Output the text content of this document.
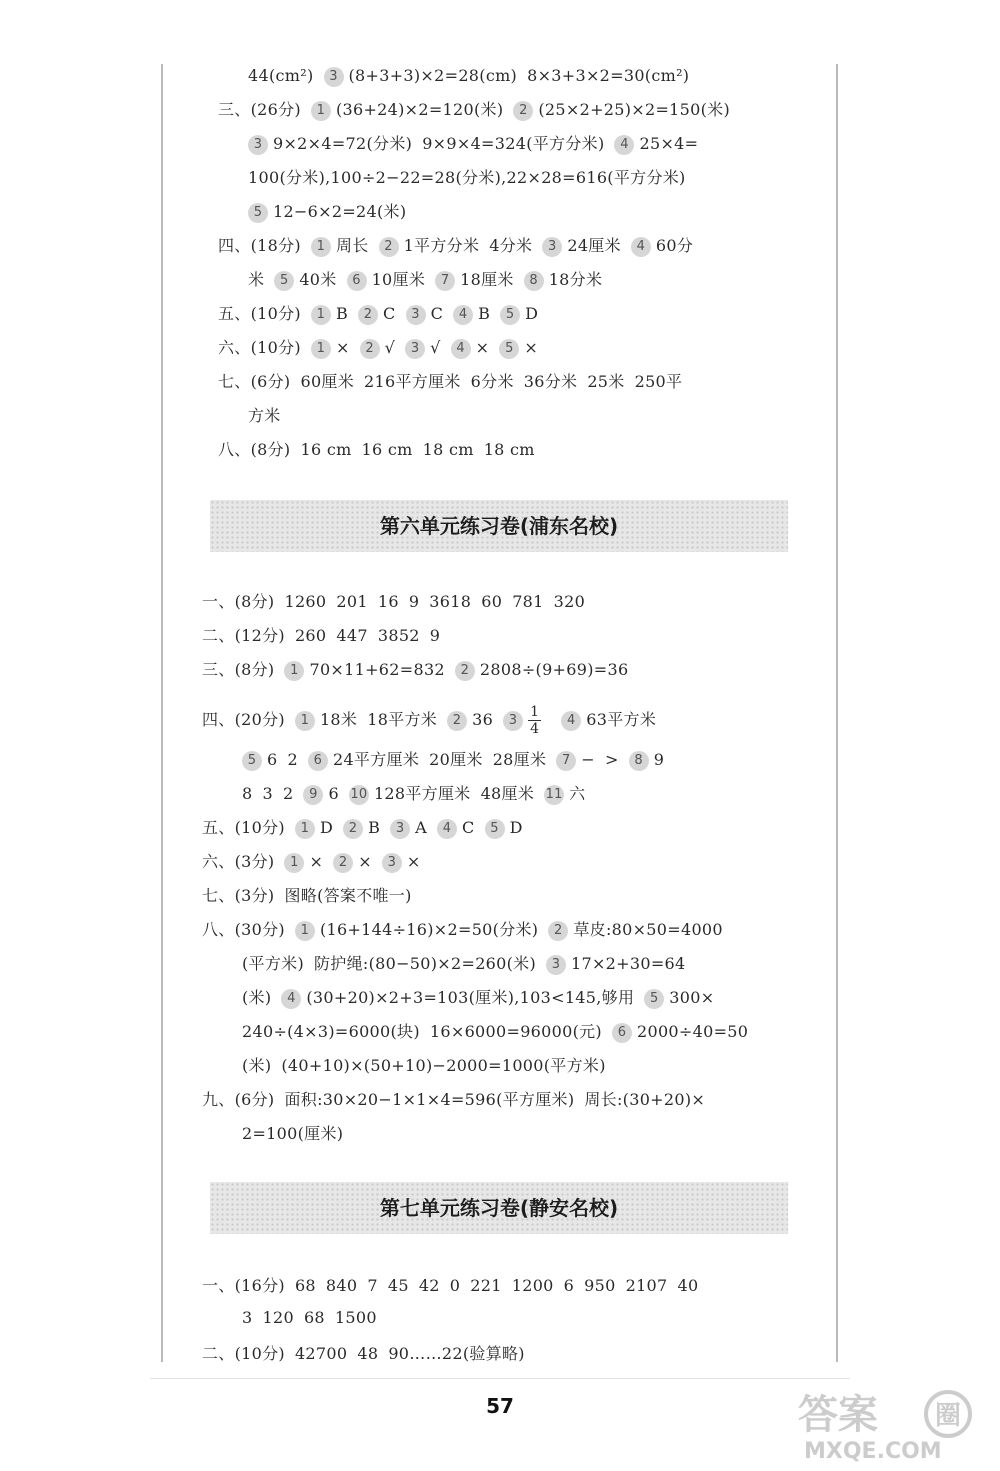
第六单元练习卷(浦东名校)
第七单元练习卷(静安名校)
44(cm²) 3 (8+3+3)×2=28(cm) 8×3+3×2=30(cm²)
三、(26分) 1 (36+24)×2=120(米) 2 (25×2+25)×2=150(米)
3 9×2×4=72(分米) 9×9×4=324(平方分米) 4 25×4=
100(分米),100÷2−22=28(分米),22×28=616(平方分米)
5 12−6×2=24(米)
四、(18分) 1 周长 2 1平方分米 4分米 3 24厘米 4 60分
米 5 40米 6 10厘米 7 18厘米 8 18分米
五、(10分) 1 B 2 C 3 C 4 B 5 D
六、(10分) 1 × 2 √ 3 √ 4 × 5 ×
七、(6分) 60厘米 216平方厘米 6分米 36分米 25米 250平
方米
八、(8分) 16 cm 16 cm 18 cm 18 cm
一、(8分) 1260 201 16 9 3618 60 781 320
二、(12分) 260 447 3852 9
三、(8分) 1 70×11+62=832 2 2808÷(9+69)=36
四、(20分) 1 18米 18平方米 2 36 $3 \frac{1}{4} 4$ 63平方米
5 6 2 6 24平方厘米 20厘米 28厘米 7 − > 8 9
8 3 2 9 6 10 128平方厘米 48厘米 11 六
五、(10分) 1 D 2 B 3 A 4 C 5 D
六、(3分) 1 × 2 × 3 ×
七、(3分) 图略(答案不唯一)
八、(30分) 1 (16+144÷16)×2=50(分米) 2 草皮:80×50=4000
(平方米) 防护绳:(80−50)×2=260(米) 3 17×2+30=64
(米) 4 (30+20)×2+3=103(厘米),103<145,够用 5 300×
240÷(4×3)=6000(块) 16×6000=96000(元) 6 2000÷40=50
(米) (40+10)×(50+10)−2000=1000(平方米)
九、(6分) 面积:30×20−1×1×4=596(平方厘米) 周长:(30+20)×
2=100(厘米)
一、(16分) 68 840 7 45 42 0 221 1200 6 950 2107 40
3 120 68 1500
二、(10分) 42700 48 90……22(验算略)
57	答案 圈
MXQE.COM
